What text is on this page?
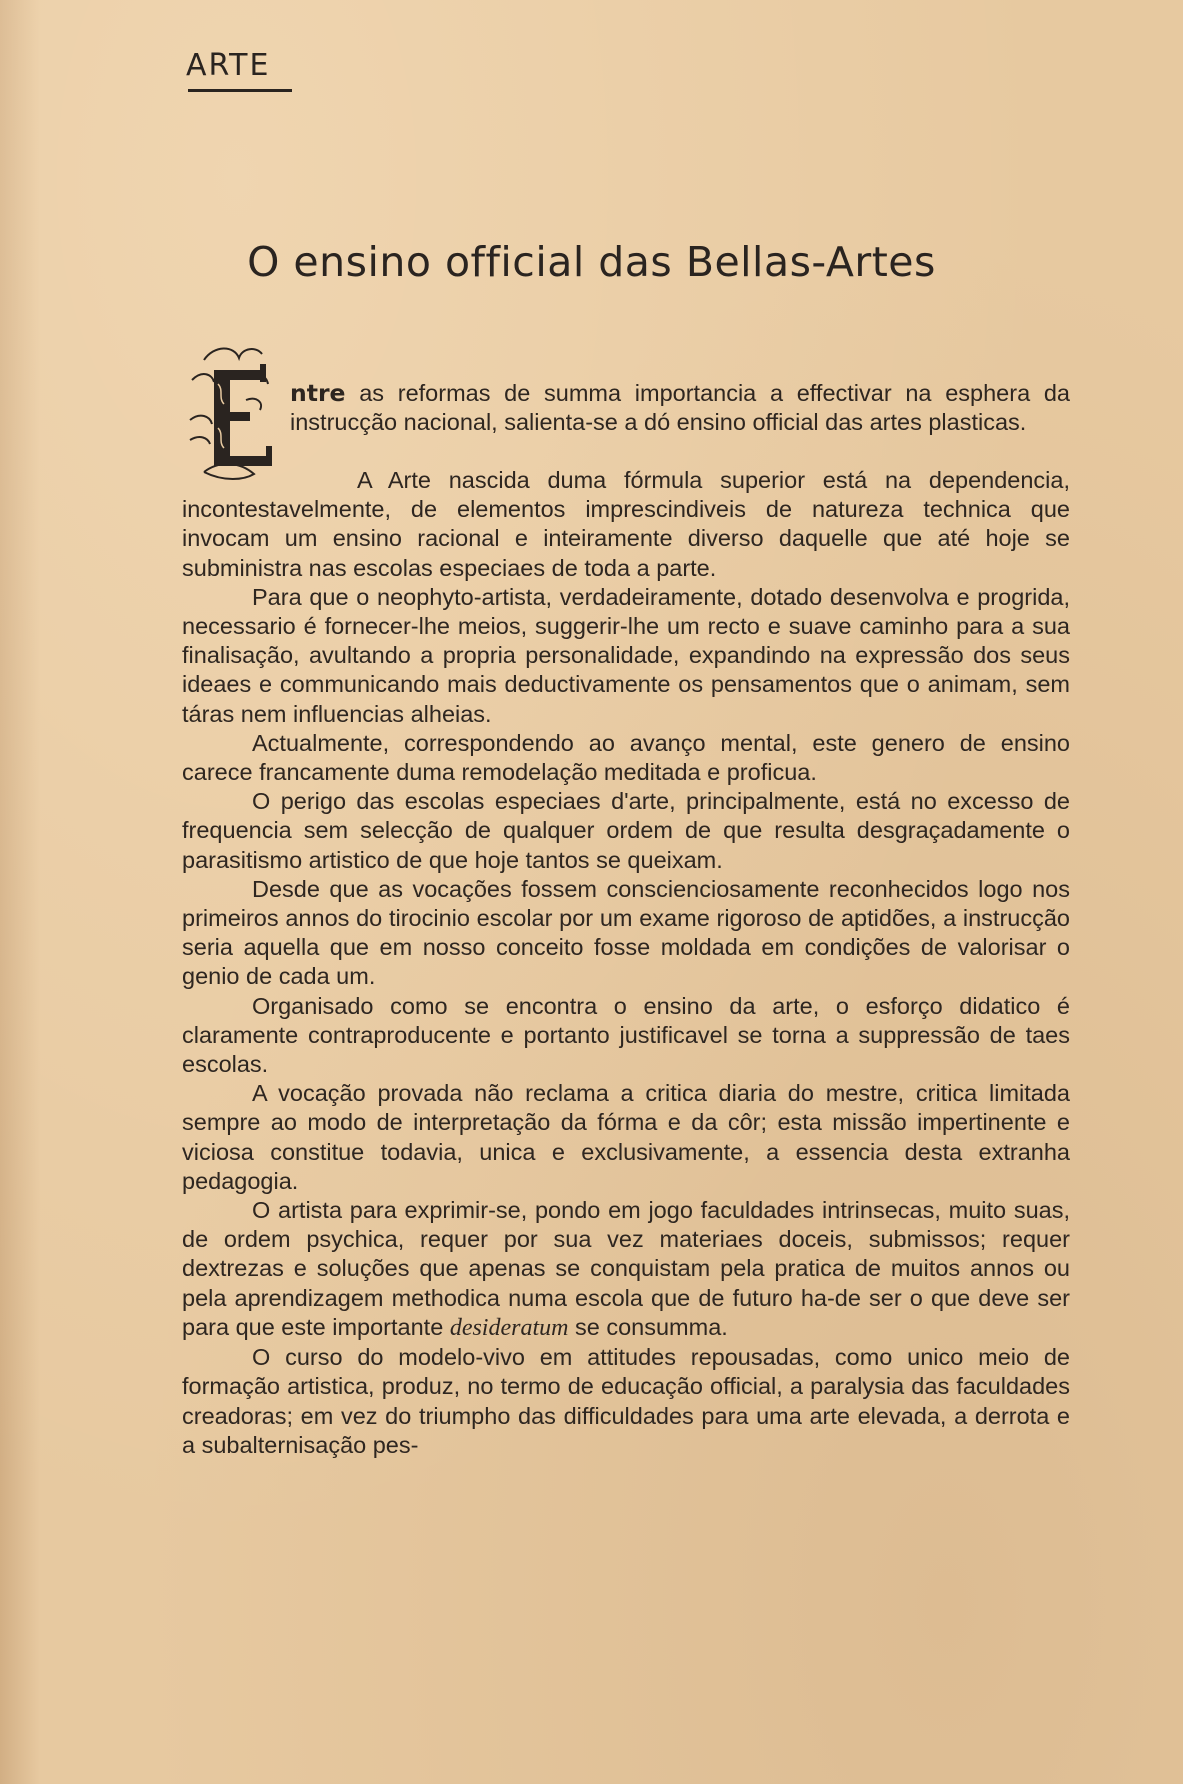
ARTE
O ensino official das Bellas-Artes
ntre as reformas de summa importancia a effectivar na esphera da instrucção nacional, salienta-se a dó ensino official das artes plasticas.

A Arte nascida duma fórmula superior está na dependencia, incontestavelmente, de elementos imprescindiveis de natureza technica que invocam um ensino racional e inteiramente diverso daquelle que até hoje se subministra nas escolas especiaes de toda a parte.

Para que o neophyto-artista, verdadeiramente, dotado desenvolva e progrida, necessario é fornecer-lhe meios, suggerir-lhe um recto e suave caminho para a sua finalisação, avultando a propria personalidade, expandindo na expressão dos seus ideaes e communicando mais deductivamente os pensamentos que o animam, sem táras nem influencias alheias.

Actualmente, correspondendo ao avanço mental, este genero de ensino carece francamente duma remodelação meditada e proficua.

O perigo das escolas especiaes d'arte, principalmente, está no excesso de frequencia sem selecção de qualquer ordem de que resulta desgraçadamente o parasitismo artistico de que hoje tantos se queixam.

Desde que as vocações fossem conscienciosamente reconhecidos logo nos primeiros annos do tirocinio escolar por um exame rigoroso de aptidões, a instrucção seria aquella que em nosso conceito fosse moldada em condições de valorisar o genio de cada um.

Organisado como se encontra o ensino da arte, o esforço didatico é claramente contraproducente e portanto justificavel se torna a suppressão de taes escolas.

A vocação provada não reclama a critica diaria do mestre, critica limitada sempre ao modo de interpretação da fórma e da côr; esta missão impertinente e viciosa constitue todavia, unica e exclusivamente, a essencia desta extranha pedagogia.

O artista para exprimir-se, pondo em jogo faculdades intrinsecas, muito suas, de ordem psychica, requer por sua vez materiaes doceis, submissos; requer dextrezas e soluções que apenas se conquistam pela pratica de muitos annos ou pela aprendizagem methodica numa escola que de futuro ha-de ser o que deve ser para que este importante desideratum se consumma.

O curso do modelo-vivo em attitudes repousadas, como unico meio de formação artistica, produz, no termo de educação official, a paralysia das faculdades creadoras; em vez do triumpho das difficuldades para uma arte elevada, a derrota e a subalternisação pes-
